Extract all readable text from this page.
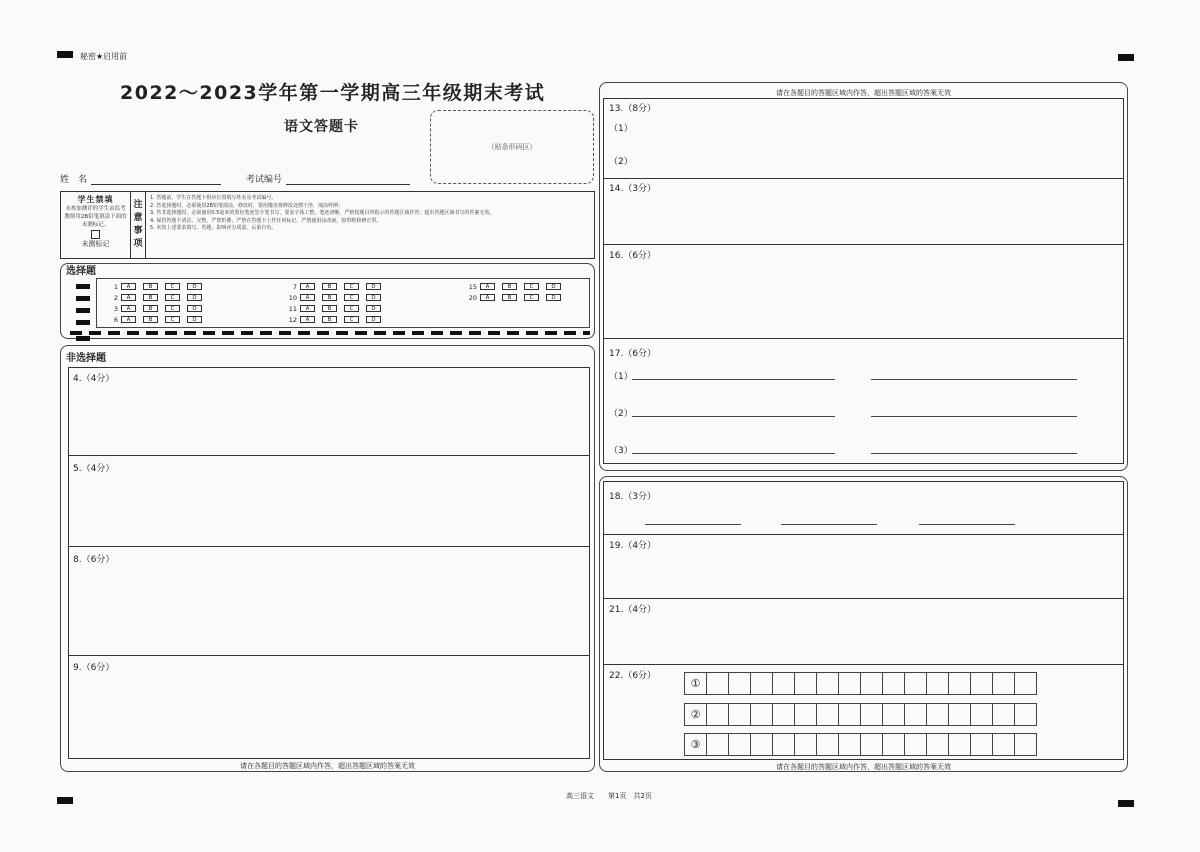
秘密★启用前
2022～2023学年第一学期高三年级期末考试
语文答题卡
（贴条形码区）
姓　名	考试编号
学生禁填
未参加测评的学生由监考教师用2B铅笔填涂下面的未测标记。
未测标记
注
意
事
项
1. 答题前，学生在答题卡相应位置填写姓名及考试编号。
2. 答选择题时，必须使用2B铅笔填涂，修改时，要用橡皮将修改处擦干净，填涂样例：
3. 答非选择题时，必须使用0.5毫米的黑色笔迹签字笔书写，要求字体工整，笔迹清晰，严格按题目所指示的答题区域作答，超出答题区域书写的答案无效。
4. 保持答题卡清洁、完整，严禁折叠，严禁在答题卡上作任何标记，严禁使用涂改液、胶带纸和修正带。
5. 未按上述要求填写、答题，影响评分质量，后果自负。
选择题
1	A	B	C	D
2	A	B	C	D
3	A	B	C	D
6	A	B	C	D
7	A	B	C	D
10	A	B	C	D
11	A	B	C	D
12	A	B	C	D
15	A	B	C	D
20	A	B	C	D
非选择题
4.（4分）
5.（4分）
8.（6分）
9.（6分）
请在各题目的答题区域内作答，超出答题区域的答案无效
请在各题目的答题区域内作答，超出答题区域的答案无效
13.（8分）
（1）
（2）
14.（3分）
16.（6分）
17.（6分）
（1）
（2）
（3）
18.（3分）
19.（4分）
21.（4分）
22.（6分）
①
②
③
请在各题目的答题区域内作答，超出答题区域的答案无效
高三语文　　第1页　共2页
